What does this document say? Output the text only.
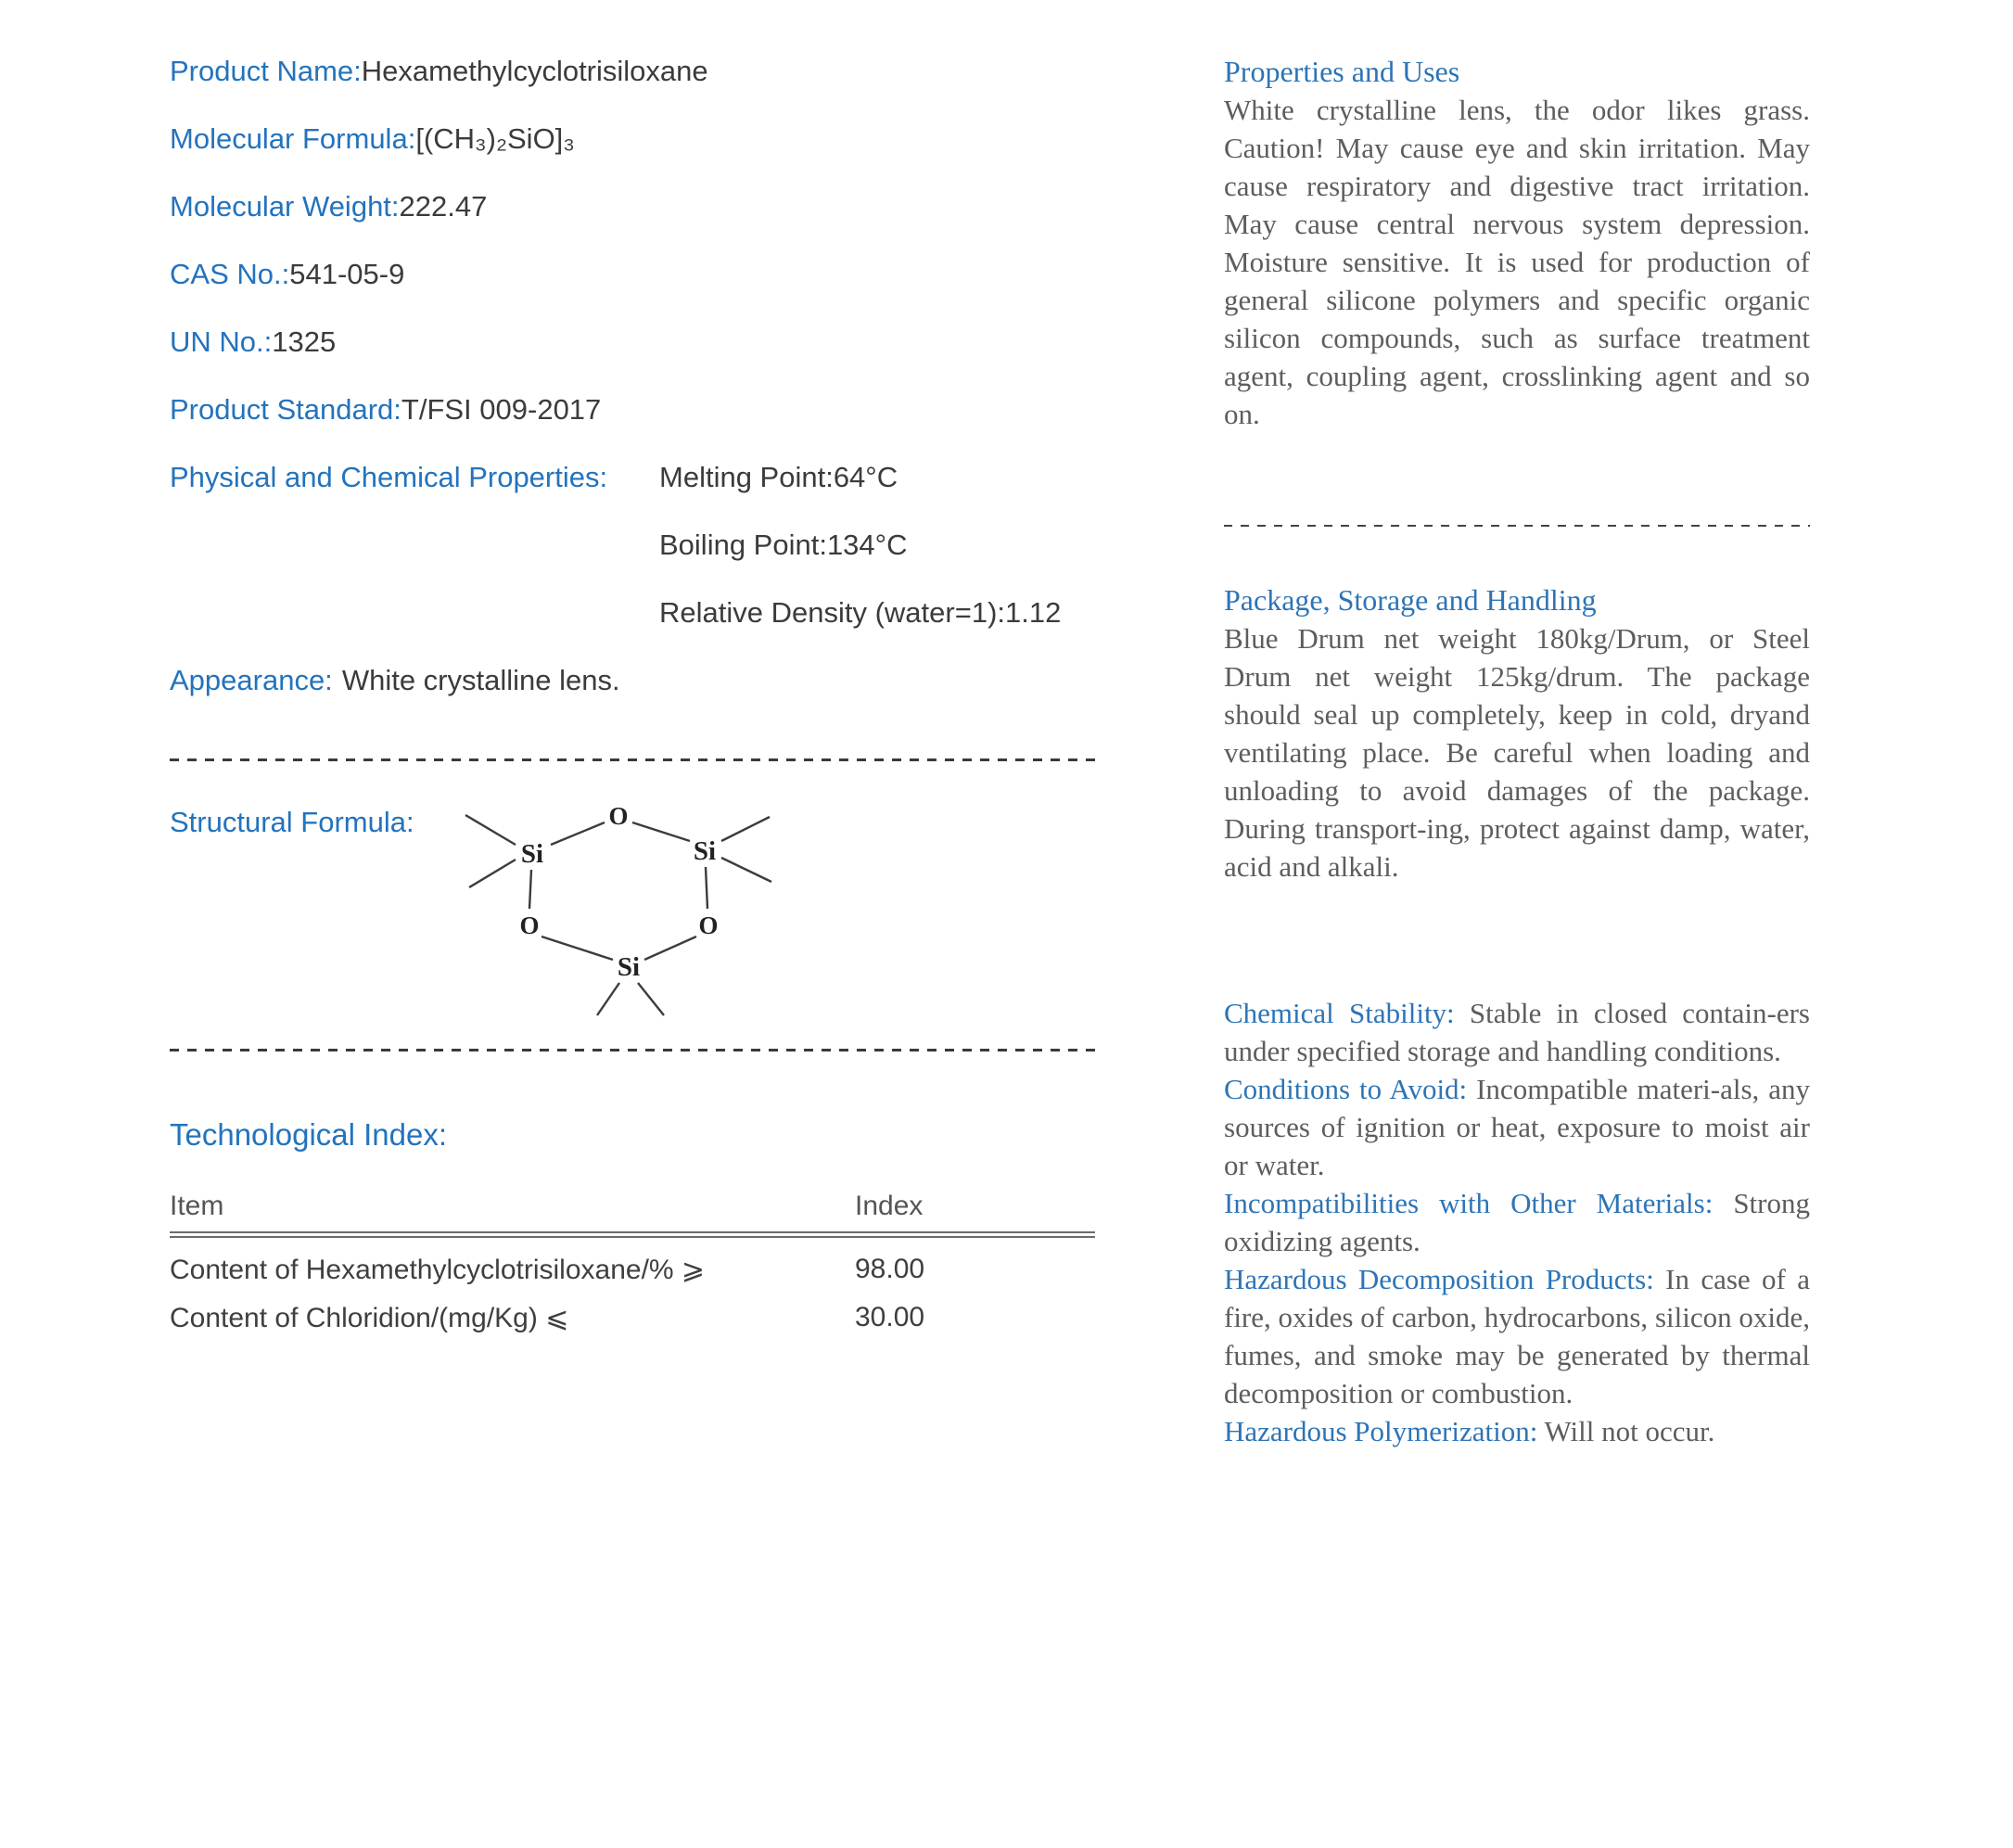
Product Name:Hexamethylcyclotrisiloxane
Molecular Formula:[(CH₃)₂SiO]₃
Molecular Weight:222.47
CAS No.:541-05-9
UN No.:1325
Product Standard:T/FSI 009-2017
Physical and Chemical Properties: Melting Point:64°C
Boiling Point:134°C
Relative Density (water=1):1.12
Appearance: White crystalline lens.
Structural Formula:	O
Si	Si
O	O
Si
Technological Index:
Item	Index
Content of Hexamethylcyclotrisiloxane/% ⩾	98.00
Content of Chloridion/(mg/Kg) ⩽	30.00
Properties and Uses

White crystalline lens, the odor likes grass. Caution! May cause eye and skin irritation. May cause respiratory and digestive tract irritation. May cause central nervous system depression. Moisture sensitive. It is used for production of general silicone polymers and specific organic silicon compounds, such as surface treatment agent, coupling agent, crosslinking agent and so on.

Package, Storage and Handling

Blue Drum net weight 180kg/Drum, or Steel Drum net weight 125kg/drum. The package should seal up completely, keep in cold, dryand ventilating place. Be careful when loading and unloading to avoid damages of the package. During transport-ing, protect against damp, water, acid and alkali.

Chemical Stability: Stable in closed contain-ers under specified storage and handling conditions.

Conditions to Avoid: Incompatible materi-als, any sources of ignition or heat, exposure to moist air or water.

Incompatibilities with Other Materials: Strong oxidizing agents.

Hazardous Decomposition Products: In case of a fire, oxides of carbon, hydrocarbons, silicon oxide, fumes, and smoke may be generated by thermal decomposition or combustion.

Hazardous Polymerization: Will not occur.
